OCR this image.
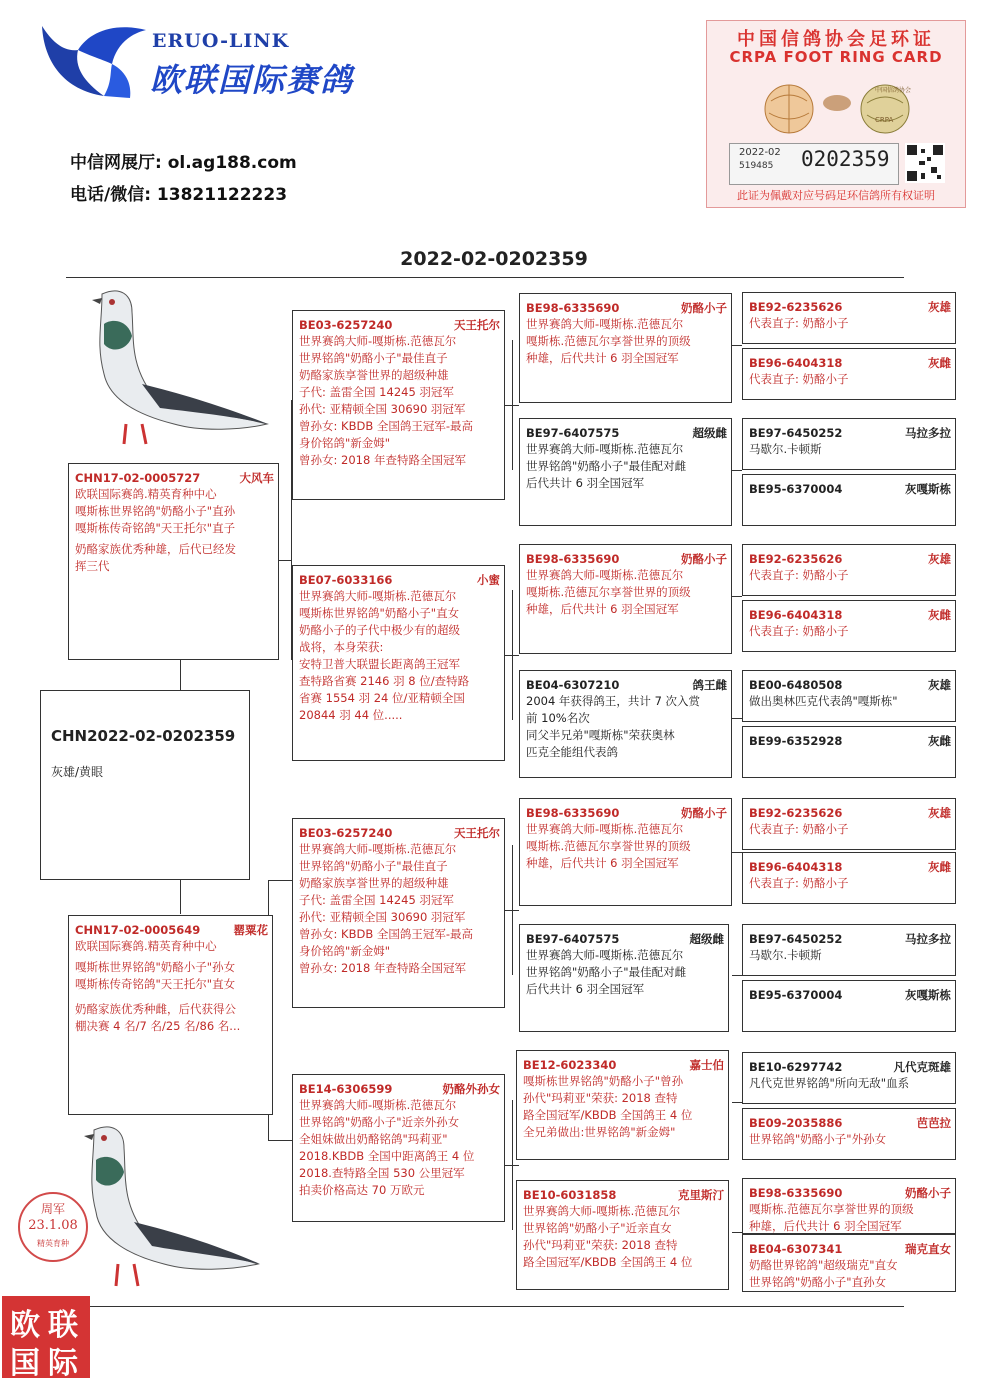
ERUO-LINK
欧联国际赛鸽
中信网展厅: ol.ag188.com
电话/微信: 13821122223
中国信鸽协会足环证
CRPA FOOT RING CARD
CRPA
中国信鸽协会
2022-02
519485 0202359
此证为佩戴对应号码足环信鸽所有权证明
2022-02-0202359
CHN2022-02-0202359
灰雄/黄眼
CHN17-02-0005727	大风车
欧联国际赛鸽.精英育种中心
嘎斯栋世界铭鸽"奶酪小子"直孙
嘎斯栋传奇铭鸽"天王托尔"直子
奶酪家族优秀种雄，后代已经发
挥三代
CHN17-02-0005649	罂粟花
欧联国际赛鸽.精英育种中心
嘎斯栋世界铭鸽"奶酪小子"孙女
嘎斯栋传奇铭鸽"天王托尔"直女
奶酪家族优秀种雌，后代获得公
棚决赛 4 名/7 名/25 名/86 名...
BE03-6257240	天王托尔
世界赛鸽大师-嘎斯栋.范德瓦尔
世界铭鸽"奶酪小子"最佳直子
奶酪家族享誉世界的超级种雄
子代: 盖雷全国 14245 羽冠军
孙代: 亚精顿全国 30690 羽冠军
曾孙女: KBDB 全国鸽王冠军-最高
身价铭鸽"新金姆"
曾孙女: 2018 年查特路全国冠军
BE07-6033166	小蜜
世界赛鸽大师-嘎斯栋.范德瓦尔
嘎斯栋世界铭鸽"奶酪小子"直女
奶酪小子的子代中极少有的超级
战将，本身荣获:
安特卫普大联盟长距离鸽王冠军
查特路省赛 2146 羽 8 位/查特路
省赛 1554 羽 24 位/亚精顿全国
20844 羽 44 位.....
BE03-6257240	天王托尔
世界赛鸽大师-嘎斯栋.范德瓦尔
世界铭鸽"奶酪小子"最佳直子
奶酪家族享誉世界的超级种雄
子代: 盖雷全国 14245 羽冠军
孙代: 亚精顿全国 30690 羽冠军
曾孙女: KBDB 全国鸽王冠军-最高
身价铭鸽"新金姆"
曾孙女: 2018 年查特路全国冠军
BE14-6306599	奶酪外孙女
世界赛鸽大师-嘎斯栋.范德瓦尔
世界铭鸽"奶酪小子"近亲外孙女
全姐妹做出奶酪铭鸽"玛莉亚"
2018.KBDB 全国中距离鸽王 4 位
2018.查特路全国 530 公里冠军
拍卖价格高达 70 万欧元
BE98-6335690	奶酪小子
世界赛鸽大师-嘎斯栋.范德瓦尔
嘎斯栋.范德瓦尔享誉世界的顶级
种雄，后代共计 6 羽全国冠军
BE97-6407575	超级雌
世界赛鸽大师-嘎斯栋.范德瓦尔
世界铭鸽"奶酪小子"最佳配对雌
后代共计 6 羽全国冠军
BE98-6335690	奶酪小子
世界赛鸽大师-嘎斯栋.范德瓦尔
嘎斯栋.范德瓦尔享誉世界的顶级
种雄，后代共计 6 羽全国冠军
BE04-6307210	鸽王雌
2004 年获得鸽王，共计 7 次入赏
前 10%名次
同父半兄弟"嘎斯栋"荣获奥林
匹克全能组代表鸽
BE98-6335690	奶酪小子
世界赛鸽大师-嘎斯栋.范德瓦尔
嘎斯栋.范德瓦尔享誉世界的顶级
种雄，后代共计 6 羽全国冠军
BE97-6407575	超级雌
世界赛鸽大师-嘎斯栋.范德瓦尔
世界铭鸽"奶酪小子"最佳配对雌
后代共计 6 羽全国冠军
BE12-6023340	嘉士伯
嘎斯栋世界铭鸽"奶酪小子"曾孙
孙代"玛莉亚"荣获: 2018 查特
路全国冠军/KBDB 全国鸽王 4 位
全兄弟做出:世界铭鸽"新金姆"
BE10-6031858	克里斯汀
世界赛鸽大师-嘎斯栋.范德瓦尔
世界铭鸽"奶酪小子"近亲直女
孙代"玛莉亚"荣获: 2018 查特
路全国冠军/KBDB 全国鸽王 4 位
BE92-6235626	灰雄
代表直子: 奶酪小子
BE96-6404318	灰雌
代表直子: 奶酪小子
BE97-6450252	马拉多拉
马歇尔.卡顿斯
BE95-6370004	灰嘎斯栋
BE92-6235626	灰雄
代表直子: 奶酪小子
BE96-6404318	灰雌
代表直子: 奶酪小子
BE00-6480508	灰雄
做出奥林匹克代表鸽"嘎斯栋"
BE99-6352928	灰雌
BE92-6235626	灰雄
代表直子: 奶酪小子
BE96-6404318	灰雌
代表直子: 奶酪小子
BE97-6450252	马拉多拉
马歇尔.卡顿斯
BE95-6370004	灰嘎斯栋
BE10-6297742	凡代克斑雄
凡代克世界铭鸽"所向无敌"血系
BE09-2035886	芭芭拉
世界铭鸽"奶酪小子"外孙女
BE98-6335690	奶酪小子
嘎斯栋.范德瓦尔享誉世界的顶级
种雄，后代共计 6 羽全国冠军
BE04-6307341	瑞克直女
奶酪世界铭鸽"超级瑞克"直女
世界铭鸽"奶酪小子"直孙女
周军
23.1.08
精英育种
欧 联
国 际
